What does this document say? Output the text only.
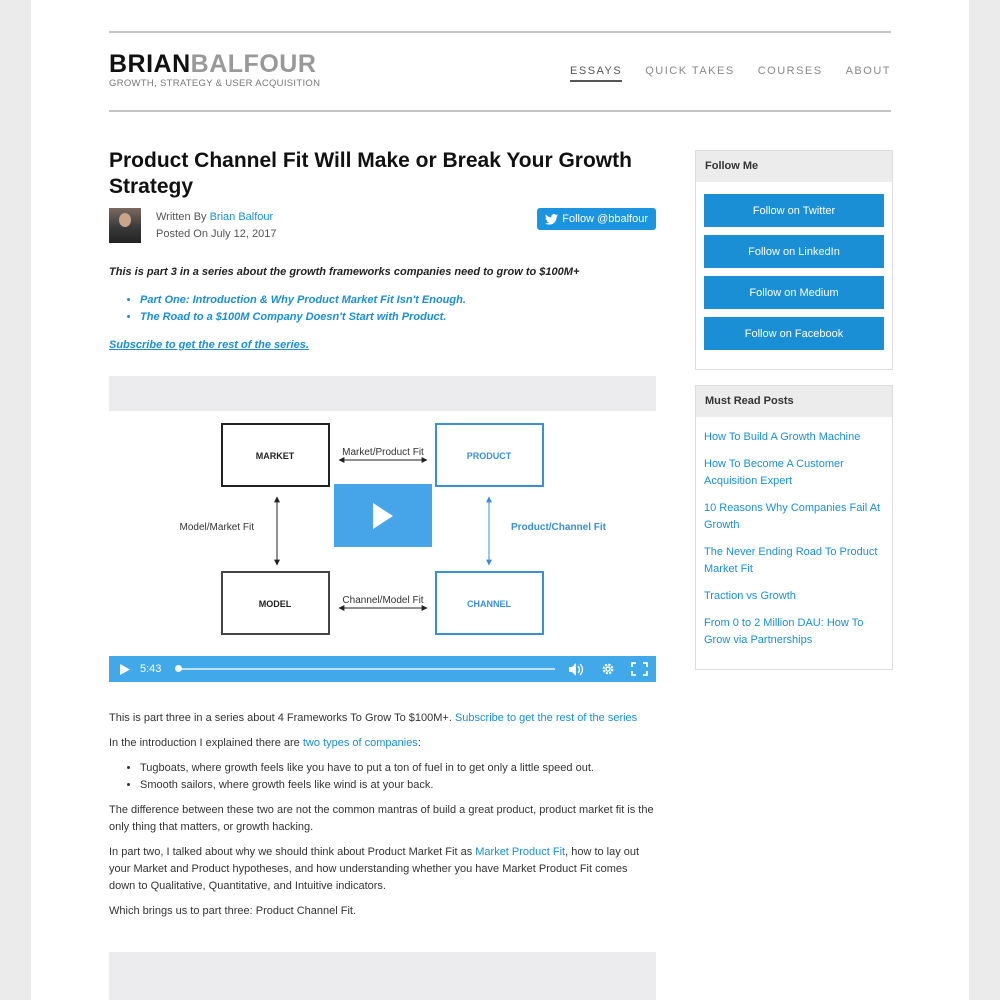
BRIANBALFOUR
GROWTH, STRATEGY & USER ACQUISITION
ESSAYS QUICK TAKES COURSES ABOUT
Product Channel Fit Will Make or Break Your Growth Strategy
Written By Brian Balfour
Posted On July 12, 2017
Follow @bbalfour

This is part 3 in a series about the growth frameworks companies need to grow to $100M+

• Part One: Introduction & Why Product Market Fit Isn't Enough.
• The Road to a $100M Company Doesn't Start with Product.
Subscribe to get the rest of the series.
MARKET	PRODUCT
MODEL	CHANNEL
Market/Product Fit
Channel/Model Fit
Model/Market Fit	Product/Channel Fit
5:43

This is part three in a series about 4 Frameworks To Grow To $100M+. Subscribe to get the rest of the series

In the introduction I explained there are two types of companies:

• Tugboats, where growth feels like you have to put a ton of fuel in to get only a little speed out.
• Smooth sailors, where growth feels like wind is at your back.

The difference between these two are not the common mantras of build a great product, product market fit is the only thing that matters, or growth hacking.

In part two, I talked about why we should think about Product Market Fit as Market Product Fit, how to lay out your Market and Product hypotheses, and how understanding whether you have Market Product Fit comes down to Qualitative, Quantitative, and Intuitive indicators.

Which brings us to part three: Product Channel Fit.

Follow Me
Follow on Twitter
Follow on LinkedIn
Follow on Medium
Follow on Facebook
Must Read Posts
How To Build A Growth Machine
How To Become A Customer Acquisition Expert
10 Reasons Why Companies Fail At Growth
The Never Ending Road To Product Market Fit
Traction vs Growth
From 0 to 2 Million DAU: How To Grow via Partnerships
